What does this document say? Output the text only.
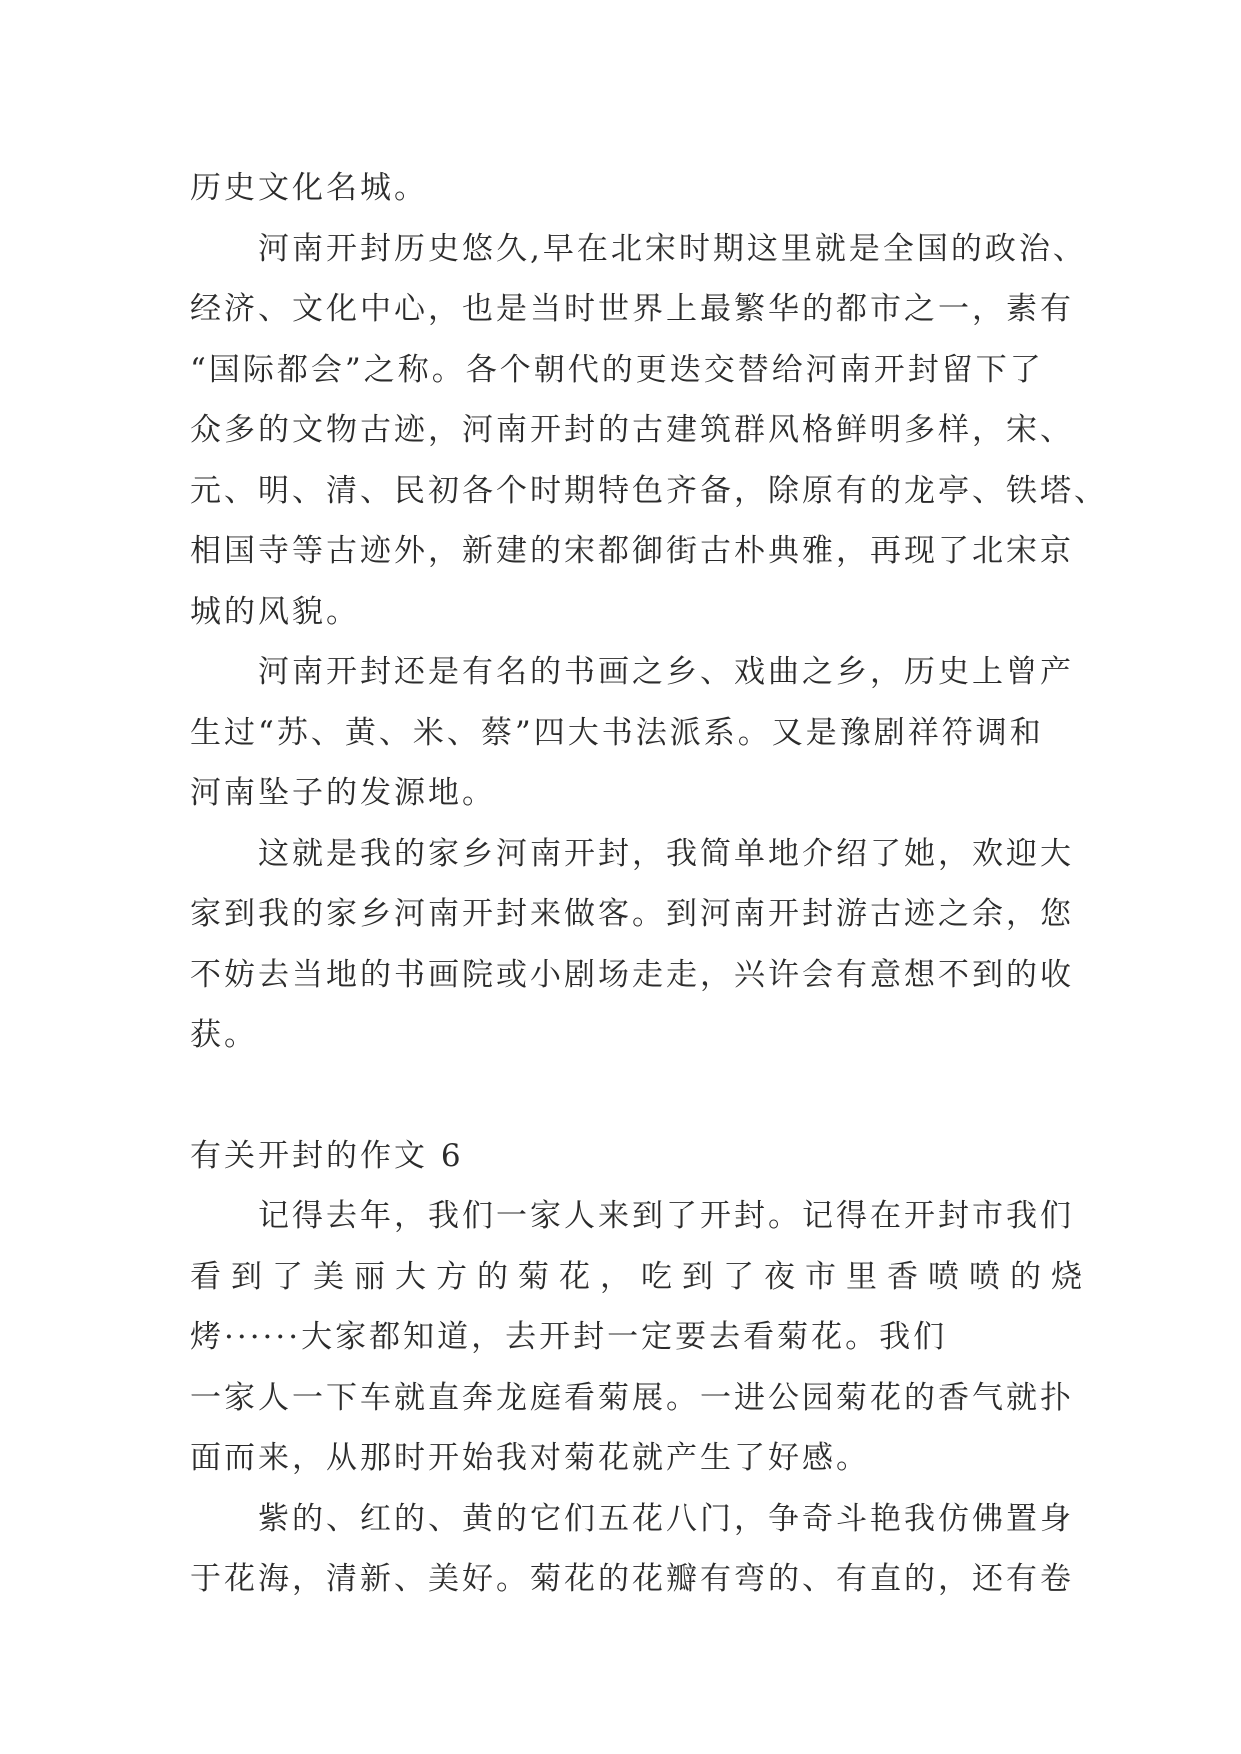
历史文化名城。

河南开封历史悠久,早在北宋时期这里就是全国的政治、
经济、文化中心，也是当时世界上最繁华的都市之一，素有
“国际都会”之称。各个朝代的更迭交替给河南开封留下了
众多的文物古迹，河南开封的古建筑群风格鲜明多样，宋、
元、明、清、民初各个时期特色齐备，除原有的龙亭、铁塔、
相国寺等古迹外，新建的宋都御街古朴典雅，再现了北宋京
城的风貌。

河南开封还是有名的书画之乡、戏曲之乡，历史上曾产
生过“苏、黄、米、蔡”四大书法派系。又是豫剧祥符调和
河南坠子的发源地。

这就是我的家乡河南开封，我简单地介绍了她，欢迎大
家到我的家乡河南开封来做客。到河南开封游古迹之余，您
不妨去当地的书画院或小剧场走走，兴许会有意想不到的收
获。

有关开封的作文 6

记得去年，我们一家人来到了开封。记得在开封市我们
看到了美丽大方的菊花，吃到了夜市里香喷喷的烧
烤······大家都知道，去开封一定要去看菊花。我们
一家人一下车就直奔龙庭看菊展。一进公园菊花的香气就扑
面而来，从那时开始我对菊花就产生了好感。

紫的、红的、黄的它们五花八门，争奇斗艳我仿佛置身
于花海，清新、美好。菊花的花瓣有弯的、有直的，还有卷
